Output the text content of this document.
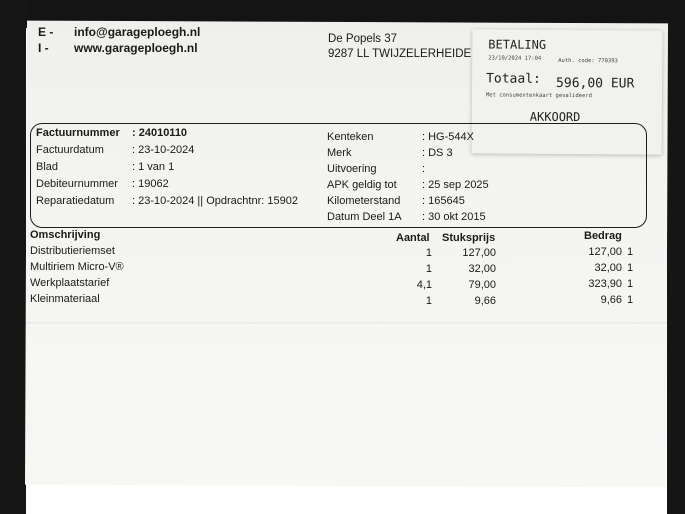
E - info@garageploegh.nl
I - www.garageploegh.nl
De Popels 37
9287 LL TWIJZELERHEIDE
BETALING
23/10/2024 17:04	Auth. code: 770393
Totaal: 596,00 EUR
Met consumentenkaart gevalideerd
AKKOORD
Factuurnummer : 24010110
Factuurdatum	: 23-10-2024
Blad	: 1 van 1
Debiteurnummer : 19062
Reparatiedatum : 23-10-2024 || Opdrachtnr: 15902
Kenteken	: HG-544X
Merk	: DS 3
Uitvoering	:
APK geldig tot : 25 sep 2025
Kilometerstand : 165645
Datum Deel 1A : 30 okt 2015
Omschrijving	Aantal Stuksprijs	Bedrag
Distributieriemset	1	127,00	127,00 1
Multiriem Micro-V®	1	32,00	32,00 1
Werkplaatstarief	4,1	79,00	323,90 1
Kleinmateriaal	1	9,66	9,66 1
